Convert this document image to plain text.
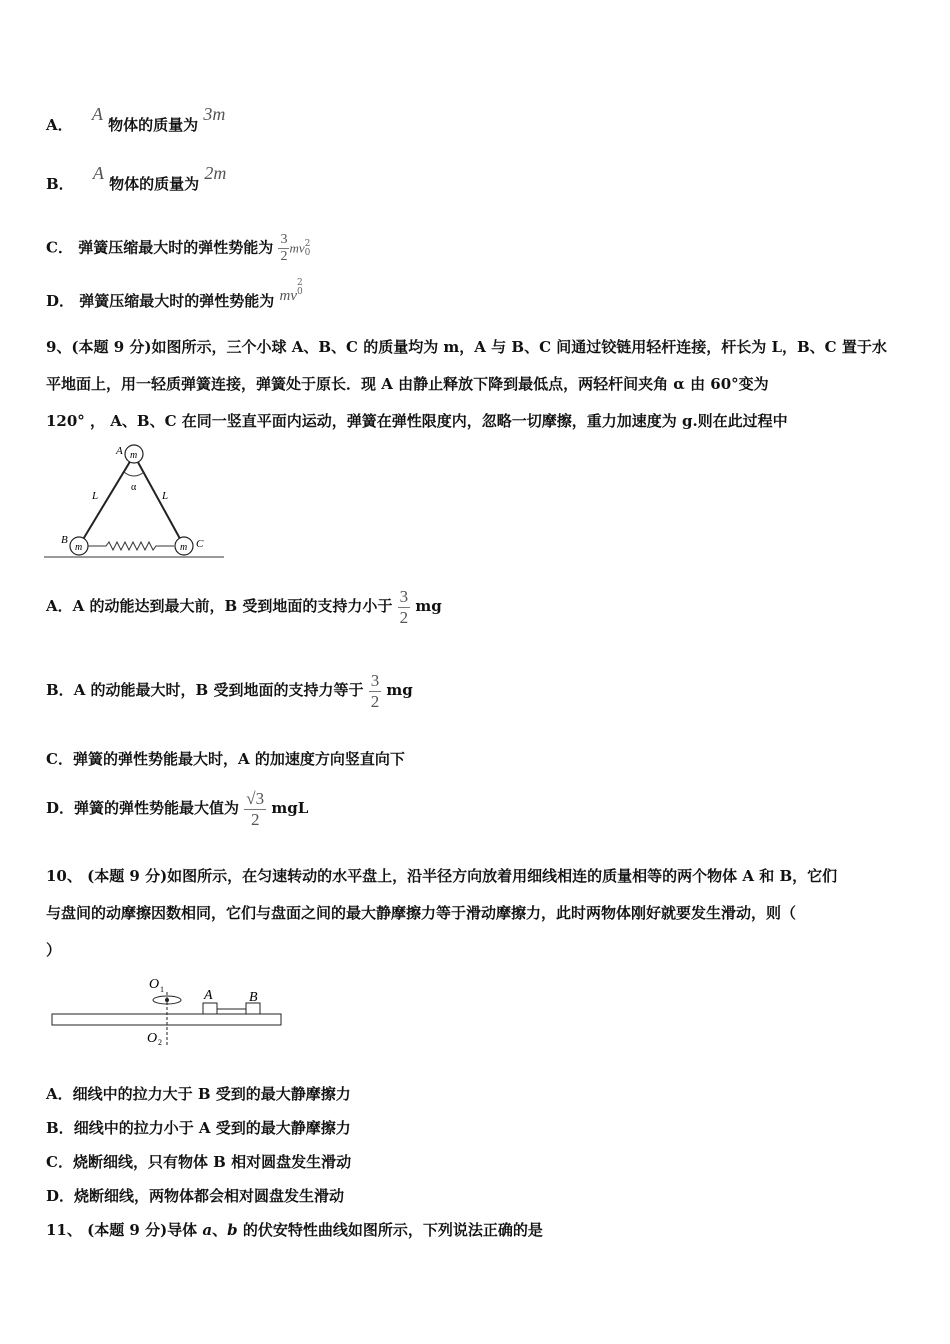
A． A 物体的质量为 3m
B． A 物体的质量为 2m
C． 弹簧压缩最大时的弹性势能为 $\frac{3}{2}$ mv 2
0
D． 弹簧压缩最大时的弹性势能为 mv
2
0
9、(本题 9 分)如图所示，三个小球 A、B、C 的质量均为 m，A 与 B、C 间通过铰链用轻杆连接，杆长为 L，B、C 置于水
平地面上，用一轻质弹簧连接，弹簧处于原长．现 A 由静止释放下降到最低点，两轻杆间夹角 α 由 60°变为
120° ， A、B、C 在同一竖直平面内运动，弹簧在弹性限度内，忽略一切摩擦，重力加速度为 g.则在此过程中
m
m	m
A
B	C
L	L
α
A．A 的动能达到最大前，B 受到地面的支持力小于 $\frac{3}{2}$ mg
B．A 的动能最大时，B 受到地面的支持力等于 $\frac{3}{2}$ mg
C．弹簧的弹性势能最大时，A 的加速度方向竖直向下
D．弹簧的弹性势能最大值为 $\frac{√3}{2}$ mgL
10、 (本题 9 分)如图所示，在匀速转动的水平盘上，沿半径方向放着用细线相连的质量相等的两个物体 A 和 B，它们
与盘间的动摩擦因数相同，它们与盘面之间的最大静摩擦力等于滑动摩擦力，此时两物体刚好就要发生滑动，则（
）
O 1
O 2
A	B
A．细线中的拉力大于 B 受到的最大静摩擦力
B．细线中的拉力小于 A 受到的最大静摩擦力
C．烧断细线，只有物体 B 相对圆盘发生滑动
D．烧断细线，两物体都会相对圆盘发生滑动
11、 (本题 9 分)导体 a、b 的伏安特性曲线如图所示，下列说法正确的是
